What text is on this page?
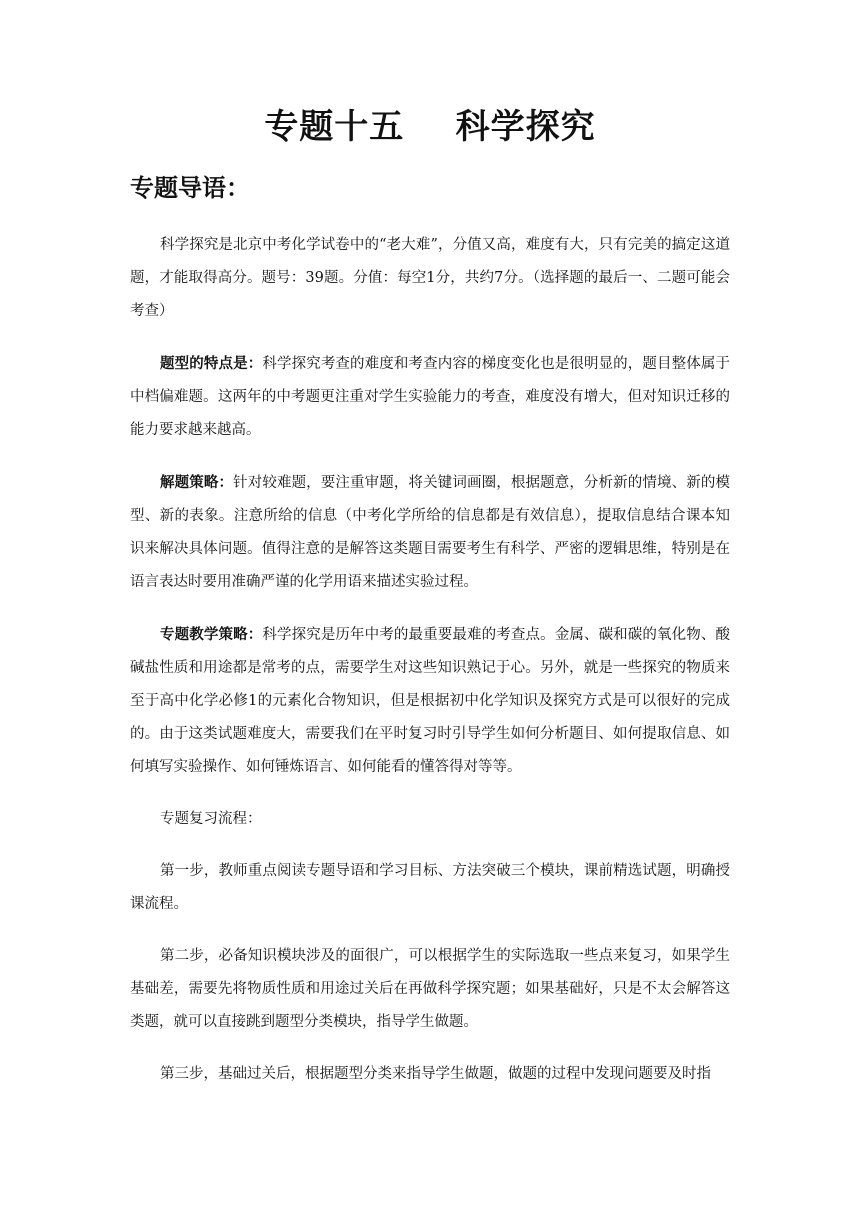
专题十五    科学探究
专题导语：

科学探究是北京中考化学试卷中的“老大难”，分值又高，难度有大，只有完美的搞定这道题，才能取得高分。题号：39题。分值：每空1分，共约7分。（选择题的最后一、二题可能会考查）

题型的特点是：科学探究考查的难度和考查内容的梯度变化也是很明显的，题目整体属于中档偏难题。这两年的中考题更注重对学生实验能力的考查，难度没有增大，但对知识迁移的能力要求越来越高。

解题策略：针对较难题，要注重审题，将关键词画圈，根据题意，分析新的情境、新的模型、新的表象。注意所给的信息（中考化学所给的信息都是有效信息），提取信息结合课本知识来解决具体问题。值得注意的是解答这类题目需要考生有科学、严密的逻辑思维，特别是在语言表达时要用准确严谨的化学用语来描述实验过程。

专题教学策略：科学探究是历年中考的最重要最难的考查点。金属、碳和碳的氧化物、酸碱盐性质和用途都是常考的点，需要学生对这些知识熟记于心。另外，就是一些探究的物质来至于高中化学必修1的元素化合物知识，但是根据初中化学知识及探究方式是可以很好的完成的。由于这类试题难度大，需要我们在平时复习时引导学生如何分析题目、如何提取信息、如何填写实验操作、如何锤炼语言、如何能看的懂答得对等等。

专题复习流程：

第一步，教师重点阅读专题导语和学习目标、方法突破三个模块，课前精选试题，明确授课流程。

第二步，必备知识模块涉及的面很广，可以根据学生的实际选取一些点来复习，如果学生基础差，需要先将物质性质和用途过关后在再做科学探究题；如果基础好，只是不太会解答这类题，就可以直接跳到题型分类模块，指导学生做题。

第三步，基础过关后，根据题型分类来指导学生做题，做题的过程中发现问题要及时指
